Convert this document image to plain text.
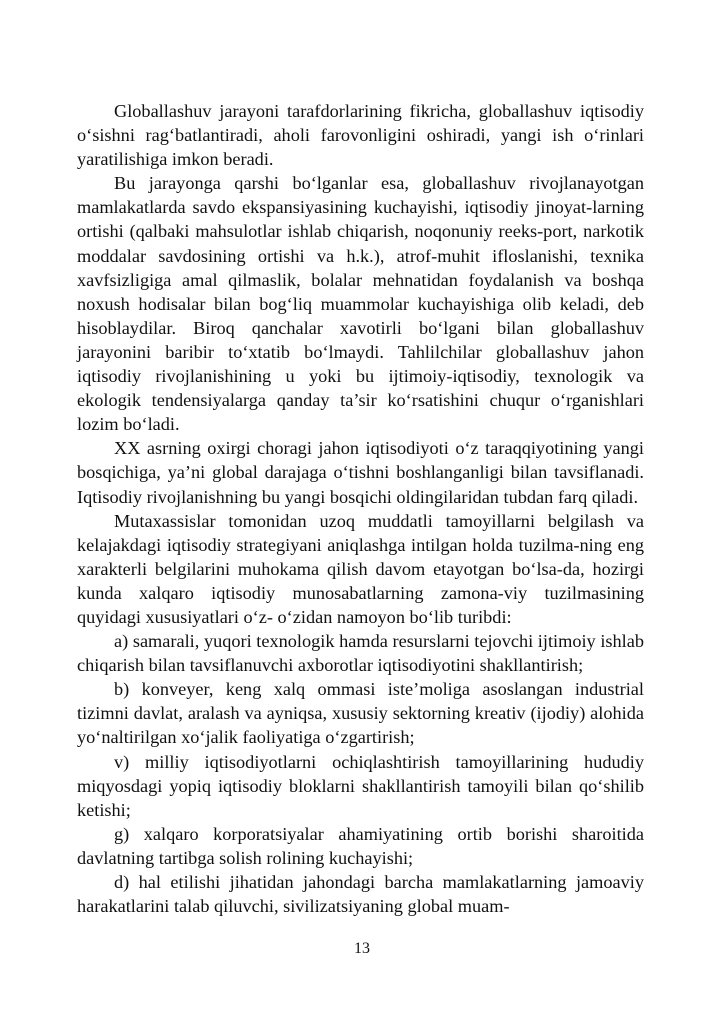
Globallashuv jarayoni tarafdorlarining fikricha, globallashuv iqtisodiy o‘sishni rag‘batlantiradi, aholi farovonligini oshiradi, yangi ish o‘rinlari yaratilishiga imkon beradi.

Bu jarayonga qarshi bo‘lganlar esa, globallashuv rivojlanayotgan mamlakatlarda savdo ekspansiyasining kuchayishi, iqtisodiy jinoyat-larning ortishi (qalbaki mahsulotlar ishlab chiqarish, noqonuniy reeks-port, narkotik moddalar savdosining ortishi va h.k.), atrof-muhit ifloslanishi, texnika xavfsizligiga amal qilmaslik, bolalar mehnatidan foydalanish va boshqa noxush hodisalar bilan bog‘liq muammolar kuchayishiga olib keladi, deb hisoblaydilar. Biroq qanchalar xavotirli bo‘lgani bilan globallashuv jarayonini baribir to‘xtatib bo‘lmaydi. Tahlilchilar globallashuv jahon iqtisodiy rivojlanishining u yoki bu ijtimoiy-iqtisodiy, texnologik va ekologik tendensiyalarga qanday ta’sir ko‘rsatishini chuqur o‘rganishlari lozim bo‘ladi.

XX asrning oxirgi choragi jahon iqtisodiyoti o‘z taraqqiyotining yangi bosqichiga, ya’ni global darajaga o‘tishni boshlanganligi bilan tavsiflanadi. Iqtisodiy rivojlanishning bu yangi bosqichi oldingilaridan tubdan farq qiladi.

Mutaxassislar tomonidan uzoq muddatli tamoyillarni belgilash va kelajakdagi iqtisodiy strategiyani aniqlashga intilgan holda tuzilma-ning eng xarakterli belgilarini muhokama qilish davom etayotgan bo‘lsa-da, hozirgi kunda xalqaro iqtisodiy munosabatlarning zamona-viy tuzilmasining quyidagi xususiyatlari o‘z- o‘zidan namoyon bo‘lib turibdi:

a) samarali, yuqori texnologik hamda resurslarni tejovchi ijtimoiy ishlab chiqarish bilan tavsiflanuvchi axborotlar iqtisodiyotini shakllantirish;

b) konveyer, keng xalq ommasi iste’moliga asoslangan industrial tizimni davlat, aralash va ayniqsa, xususiy sektorning kreativ (ijodiy) alohida yo‘naltirilgan xo‘jalik faoliyatiga o‘zgartirish;

v) milliy iqtisodiyotlarni ochiqlashtirish tamoyillarining hududiy miqyosdagi yopiq iqtisodiy bloklarni shakllantirish tamoyili bilan qo‘shilib ketishi;

g) xalqaro korporatsiyalar ahamiyatining ortib borishi sharoitida davlatning tartibga solish rolining kuchayishi;

d) hal etilishi jihatidan jahondagi barcha mamlakatlarning jamoaviy harakatlarini talab qiluvchi, sivilizatsiyaning global muam-

13
